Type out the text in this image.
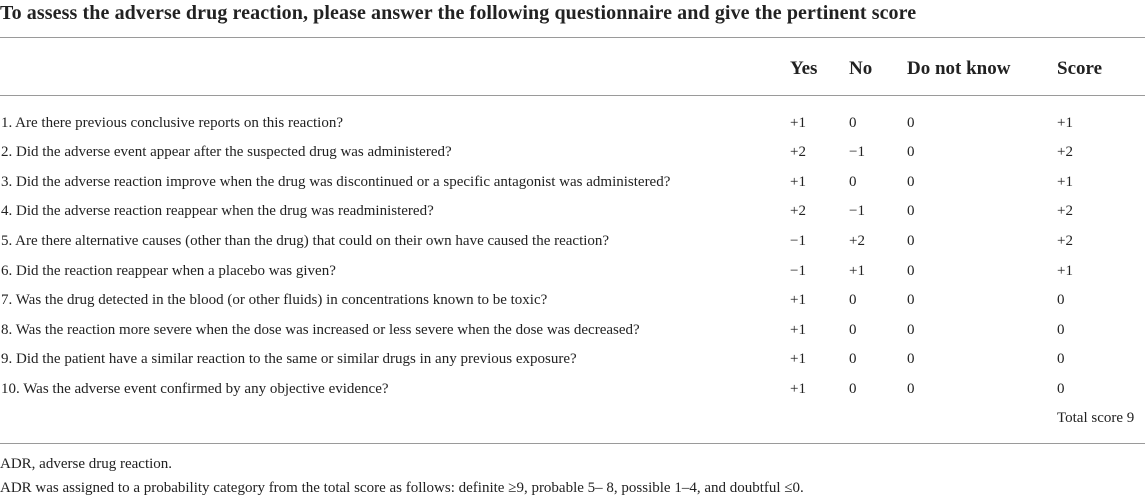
To assess the adverse drug reaction, please answer the following questionnaire and give the pertinent score
	Yes	No	Do not know	Score
1. Are there previous conclusive reports on this reaction?	+1	0	0	+1
2. Did the adverse event appear after the suspected drug was administered?	+2	−1	0	+2
3. Did the adverse reaction improve when the drug was discontinued or a specific antagonist was administered?	+1	0	0	+1
4. Did the adverse reaction reappear when the drug was readministered?	+2	−1	0	+2
5. Are there alternative causes (other than the drug) that could on their own have caused the reaction?	−1	+2	0	+2
6. Did the reaction reappear when a placebo was given?	−1	+1	0	+1
7. Was the drug detected in the blood (or other fluids) in concentrations known to be toxic?	+1	0	0	0
8. Was the reaction more severe when the dose was increased or less severe when the dose was decreased?	+1	0	0	0
9. Did the patient have a similar reaction to the same or similar drugs in any previous exposure?	+1	0	0	0
10. Was the adverse event confirmed by any objective evidence?	+1	0	0	0
				Total score 9
ADR, adverse drug reaction.
ADR was assigned to a probability category from the total score as follows: definite ≥9, probable 5– 8, possible 1–4, and doubtful ≤0.
